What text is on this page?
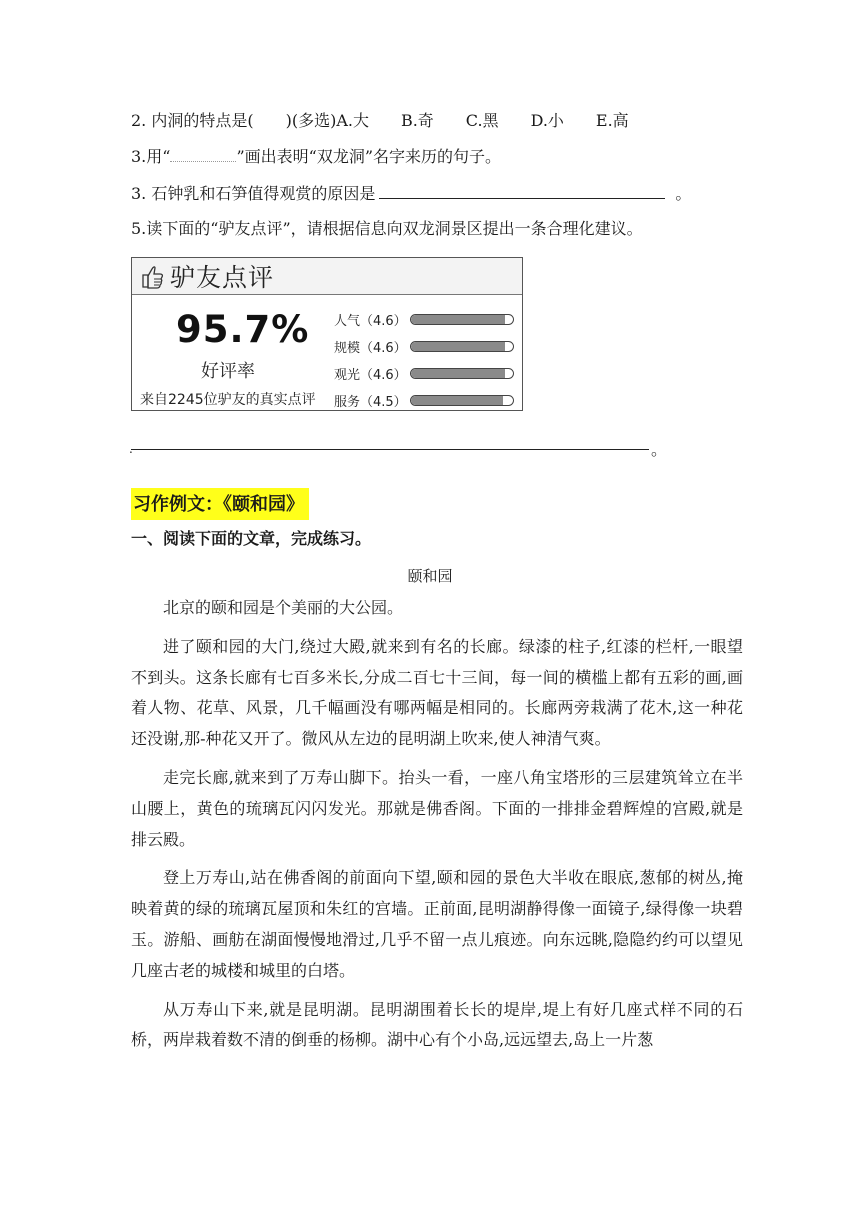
2. 内洞的特点是(　　)(多选)A.大　　B.奇　　C.黑　　D.小　　E.高
3.用“	”画出表明“双龙洞”名字来历的句子。
3. 石钟乳和石笋值得观赏的原因是	。
5.读下面的“驴友点评”，请根据信息向双龙洞景区提出一条合理化建议。
驴友点评
95.7%
好评率
来自2245位驴友的真实点评
人气（4.6）
规模（4.6）
观光（4.6）
服务（4.5）
.	。
习作例文：《颐和园》
一、阅读下面的文章，完成练习。
颐和园

北京的颐和园是个美丽的大公园。

进了颐和园的大门,绕过大殿,就来到有名的长廊。绿漆的柱子,红漆的栏杆,一眼望不到头。这条长廊有七百多米长,分成二百七十三间，每一间的横槛上都有五彩的画,画着人物、花草、风景，几千幅画没有哪两幅是相同的。长廊两旁栽满了花木,这一种花还没谢,那-种花又开了。微风从左边的昆明湖上吹来,使人神清气爽。

走完长廊,就来到了万寿山脚下。抬头一看，一座八角宝塔形的三层建筑耸立在半山腰上，黄色的琉璃瓦闪闪发光。那就是佛香阁。下面的一排排金碧辉煌的宫殿,就是排云殿。

登上万寿山,站在佛香阁的前面向下望,颐和园的景色大半收在眼底,葱郁的树丛,掩映着黄的绿的琉璃瓦屋顶和朱红的宫墙。正前面,昆明湖静得像一面镜子,绿得像一块碧玉。游船、画舫在湖面慢慢地滑过,几乎不留一点儿痕迹。向东远眺,隐隐约约可以望见几座古老的城楼和城里的白塔。

从万寿山下来,就是昆明湖。昆明湖围着长长的堤岸,堤上有好几座式样不同的石桥，两岸栽着数不清的倒垂的杨柳。湖中心有个小岛,远远望去,岛上一片葱
